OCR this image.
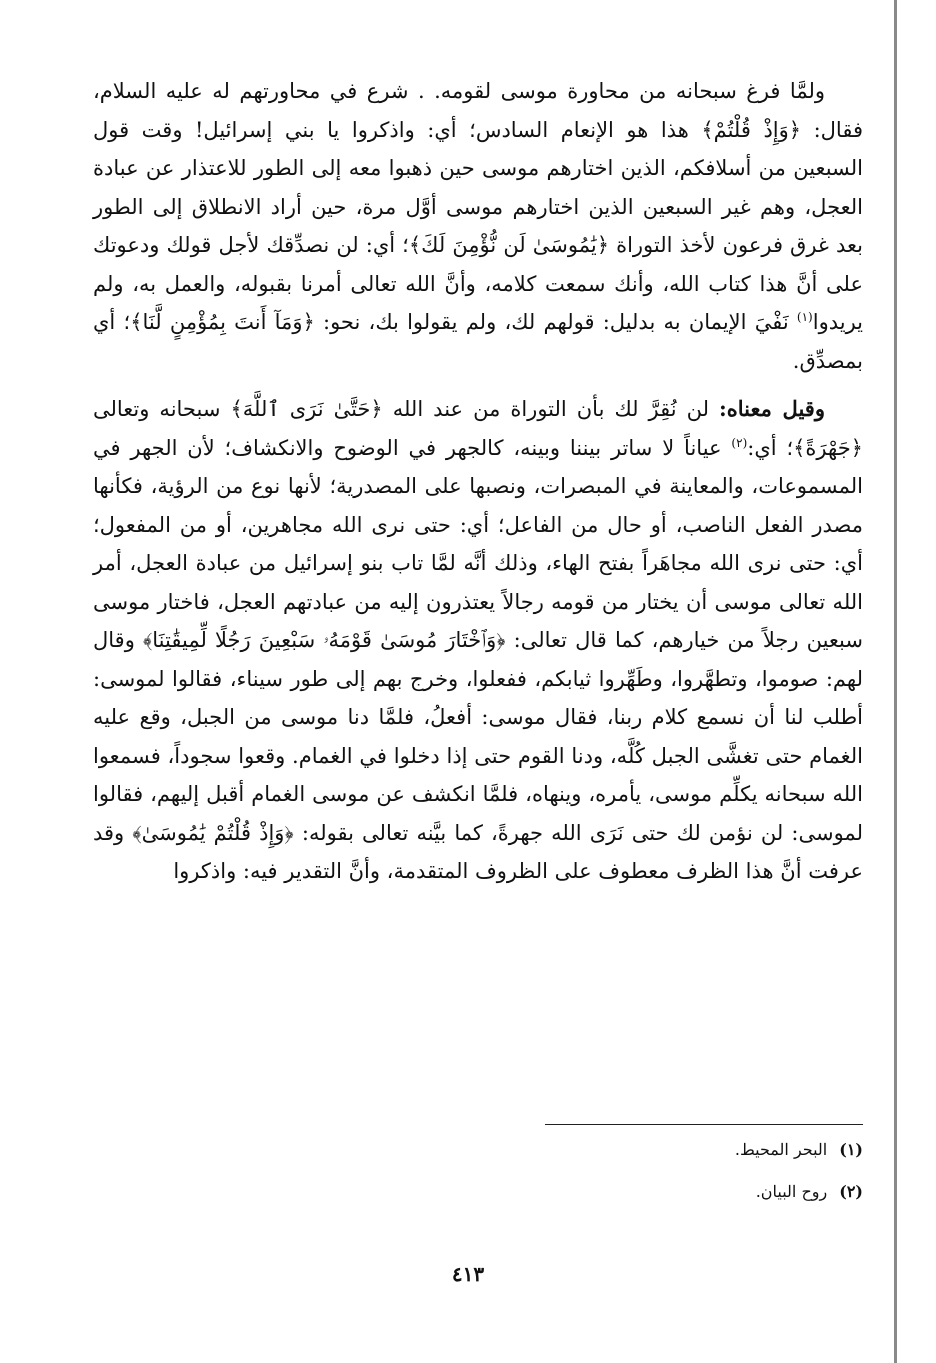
ولمَّا فرغ سبحانه من محاورة موسى لقومه. . شرع في محاورتهم له عليه السلام، فقال: ﴿وَإِذْ قُلْتُمْ﴾ هذا هو الإنعام السادس؛ أي: واذكروا يا بني إسرائيل! وقت قول السبعين من أسلافكم، الذين اختارهم موسى حين ذهبوا معه إلى الطور للاعتذار عن عبادة العجل، وهم غير السبعين الذين اختارهم موسى أوَّل مرة، حين أراد الانطلاق إلى الطور بعد غرق فرعون لأخذ التوراة ﴿يَٰمُوسَىٰ لَن نُّؤْمِنَ لَكَ﴾؛ أي: لن نصدِّقك لأجل قولك ودعوتك على أنَّ هذا كتاب الله، وأنك سمعت كلامه، وأنَّ الله تعالى أمرنا بقبوله، والعمل به، ولم يريدوا$^{(١)}$ نَفْيَ الإيمان به بدليل: قولهم لك، ولم يقولوا بك، نحو: ﴿وَمَآ أَنتَ بِمُؤْمِنٍ لَّنَا﴾؛ أي بمصدِّق.

وقيل معناه: لن نُقِرَّ لك بأن التوراة من عند الله ﴿حَتَّىٰ نَرَى ٱللَّهَ﴾ سبحانه وتعالى ﴿جَهْرَةً﴾؛ أي:$^{(٢)}$ عياناً لا ساتر بيننا وبينه، كالجهر في الوضوح والانكشاف؛ لأن الجهر في المسموعات، والمعاينة في المبصرات، ونصبها على المصدرية؛ لأنها نوع من الرؤية، فكأنها مصدر الفعل الناصب، أو حال من الفاعل؛ أي: حتى نرى الله مجاهرين، أو من المفعول؛ أي: حتى نرى الله مجاهَراً بفتح الهاء، وذلك أنَّه لمَّا تاب بنو إسرائيل من عبادة العجل، أمر الله تعالى موسى أن يختار من قومه رجالاً يعتذرون إليه من عبادتهم العجل، فاختار موسى سبعين رجلاً من خيارهم، كما قال تعالى: ﴿وَٱخْتَارَ مُوسَىٰ قَوْمَهُۥ سَبْعِينَ رَجُلًا لِّمِيقَٰتِنَا﴾ وقال لهم: صوموا، وتطهَّروا، وطَهِّروا ثيابكم، ففعلوا، وخرج بهم إلى طور سيناء، فقالوا لموسى: أطلب لنا أن نسمع كلام ربنا، فقال موسى: أفعلُ، فلمَّا دنا موسى من الجبل، وقع عليه الغمام حتى تغشَّى الجبل كُلَّه، ودنا القوم حتى إذا دخلوا في الغمام. وقعوا سجوداً، فسمعوا الله سبحانه يكلِّم موسى، يأمره، وينهاه، فلمَّا انكشف عن موسى الغمام أقبل إليهم، فقالوا لموسى: لن نؤمن لك حتى نَرَى الله جهرةً، كما بيَّنه تعالى بقوله: ﴿وَإِذْ قُلْتُمْ يَٰمُوسَىٰ﴾ وقد عرفت أنَّ هذا الظرف معطوف على الظروف المتقدمة، وأنَّ التقدير فيه: واذكروا

(١)البحر المحيط.

(٢)روح البيان.

٤١٣
